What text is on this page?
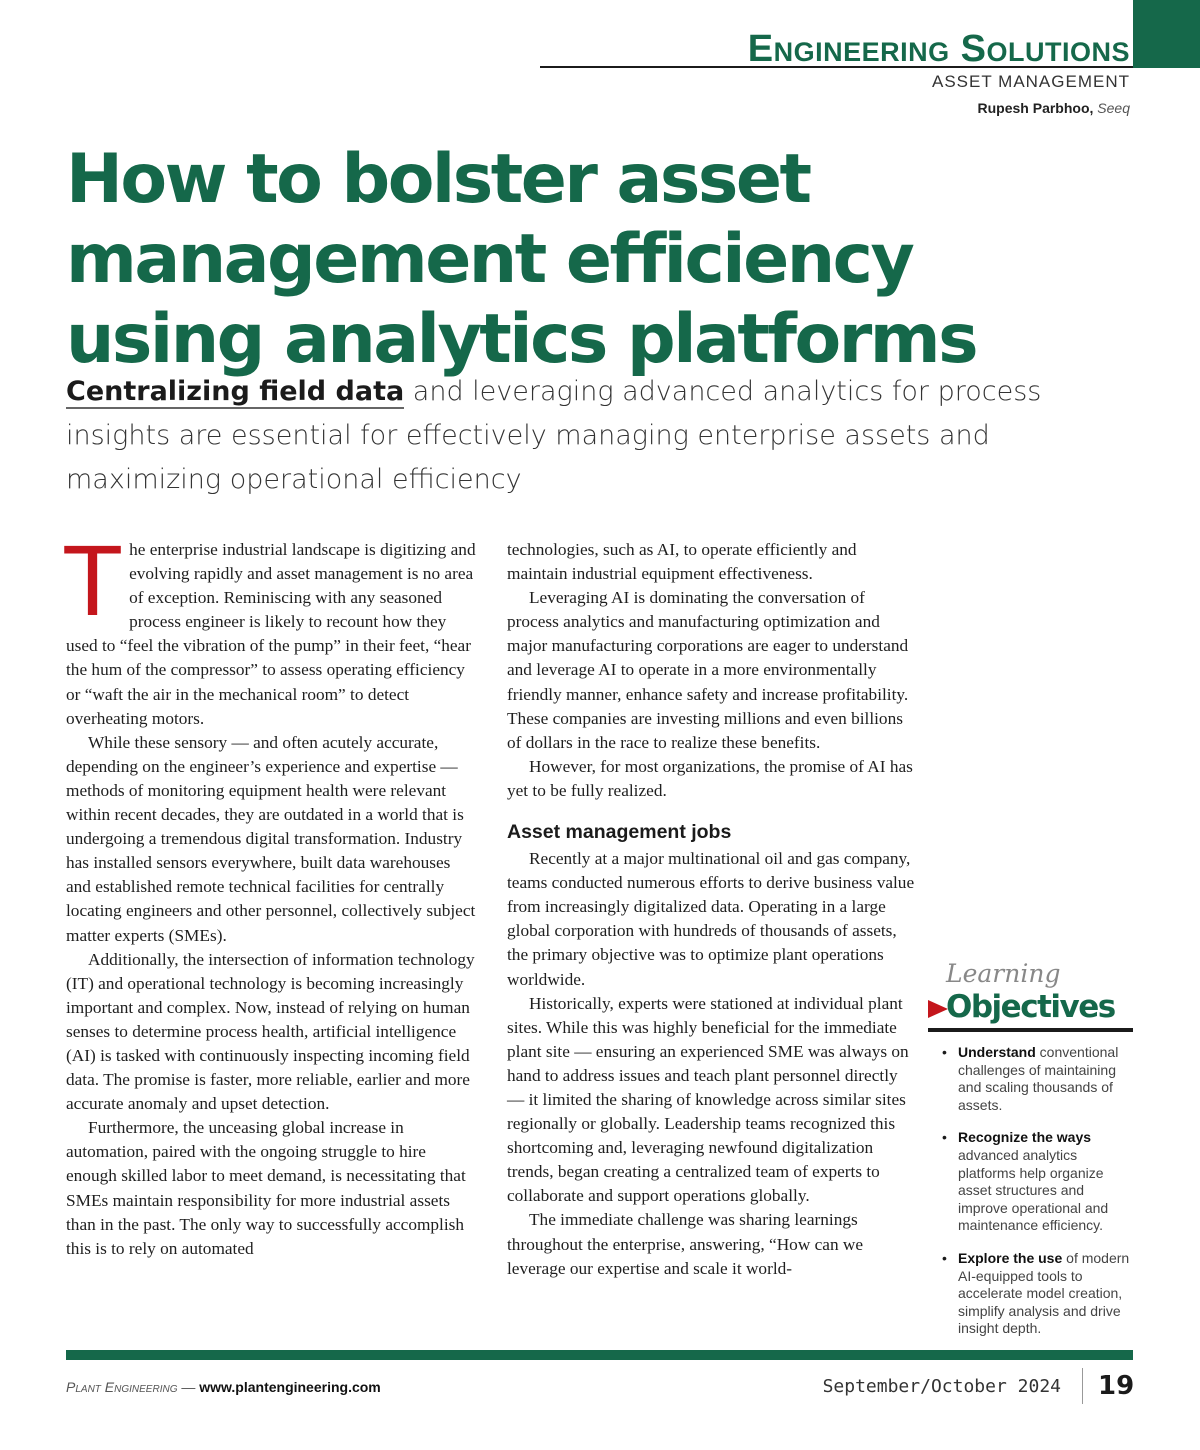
Engineering Solutions
ASSET MANAGEMENT
Rupesh Parbhoo, Seeq
How to bolster asset management efficiency using analytics platforms
Centralizing field data and leveraging advanced analytics for process insights are essential for effectively managing enterprise assets and maximizing operational efficiency

The enterprise industrial landscape is digitizing and evolving rapidly and asset management is no area of exception. Reminiscing with any seasoned process engineer is likely to recount how they used to “feel the vibration of the pump” in their feet, “hear the hum of the compressor” to assess operating efficiency or “waft the air in the mechanical room” to detect overheating motors.

While these sensory — and often acutely accurate, depending on the engineer’s experience and expertise — methods of monitoring equipment health were relevant within recent decades, they are outdated in a world that is undergoing a tremendous digital transformation. Industry has installed sensors everywhere, built data warehouses and established remote technical facilities for centrally locating engineers and other personnel, collectively subject matter experts (SMEs).

Additionally, the intersection of information technology (IT) and operational technology is becoming increasingly important and complex. Now, instead of relying on human senses to determine process health, artificial intelligence (AI) is tasked with continuously inspecting incoming field data. The promise is faster, more reliable, earlier and more accurate anomaly and upset detection.

Furthermore, the unceasing global increase in automation, paired with the ongoing struggle to hire enough skilled labor to meet demand, is necessitating that SMEs maintain responsibility for more industrial assets than in the past. The only way to successfully accomplish this is to rely on automated

technologies, such as AI, to operate efficiently and maintain industrial equipment effectiveness.

Leveraging AI is dominating the conversation of process analytics and manufacturing optimization and major manufacturing corporations are eager to understand and leverage AI to operate in a more environmentally friendly manner, enhance safety and increase profitability. These companies are investing millions and even billions of dollars in the race to realize these benefits.

However, for most organizations, the promise of AI has yet to be fully realized.

Asset management jobs

Recently at a major multinational oil and gas company, teams conducted numerous efforts to derive business value from increasingly digitalized data. Operating in a large global corporation with hundreds of thousands of assets, the primary objective was to optimize plant operations worldwide.

Historically, experts were stationed at individual plant sites. While this was highly beneficial for the immediate plant site — ensuring an experienced SME was always on hand to address issues and teach plant personnel directly — it limited the sharing of knowledge across similar sites regionally or globally. Leadership teams recognized this shortcoming and, leveraging newfound digitalization trends, began creating a centralized team of experts to collaborate and support operations globally.

The immediate challenge was sharing learnings throughout the enterprise, answering, “How can we leverage our expertise and scale it world-

Learning
Objectives
• Understand conventional challenges of maintaining and scaling thousands of assets.
• Recognize the ways advanced analytics platforms help organize asset structures and improve operational and maintenance efficiency.
• Explore the use of modern AI-equipped tools to accelerate model creation, simplify analysis and drive insight depth.
Plant Engineering — www.plantengineering.com	September/October 2024 19
